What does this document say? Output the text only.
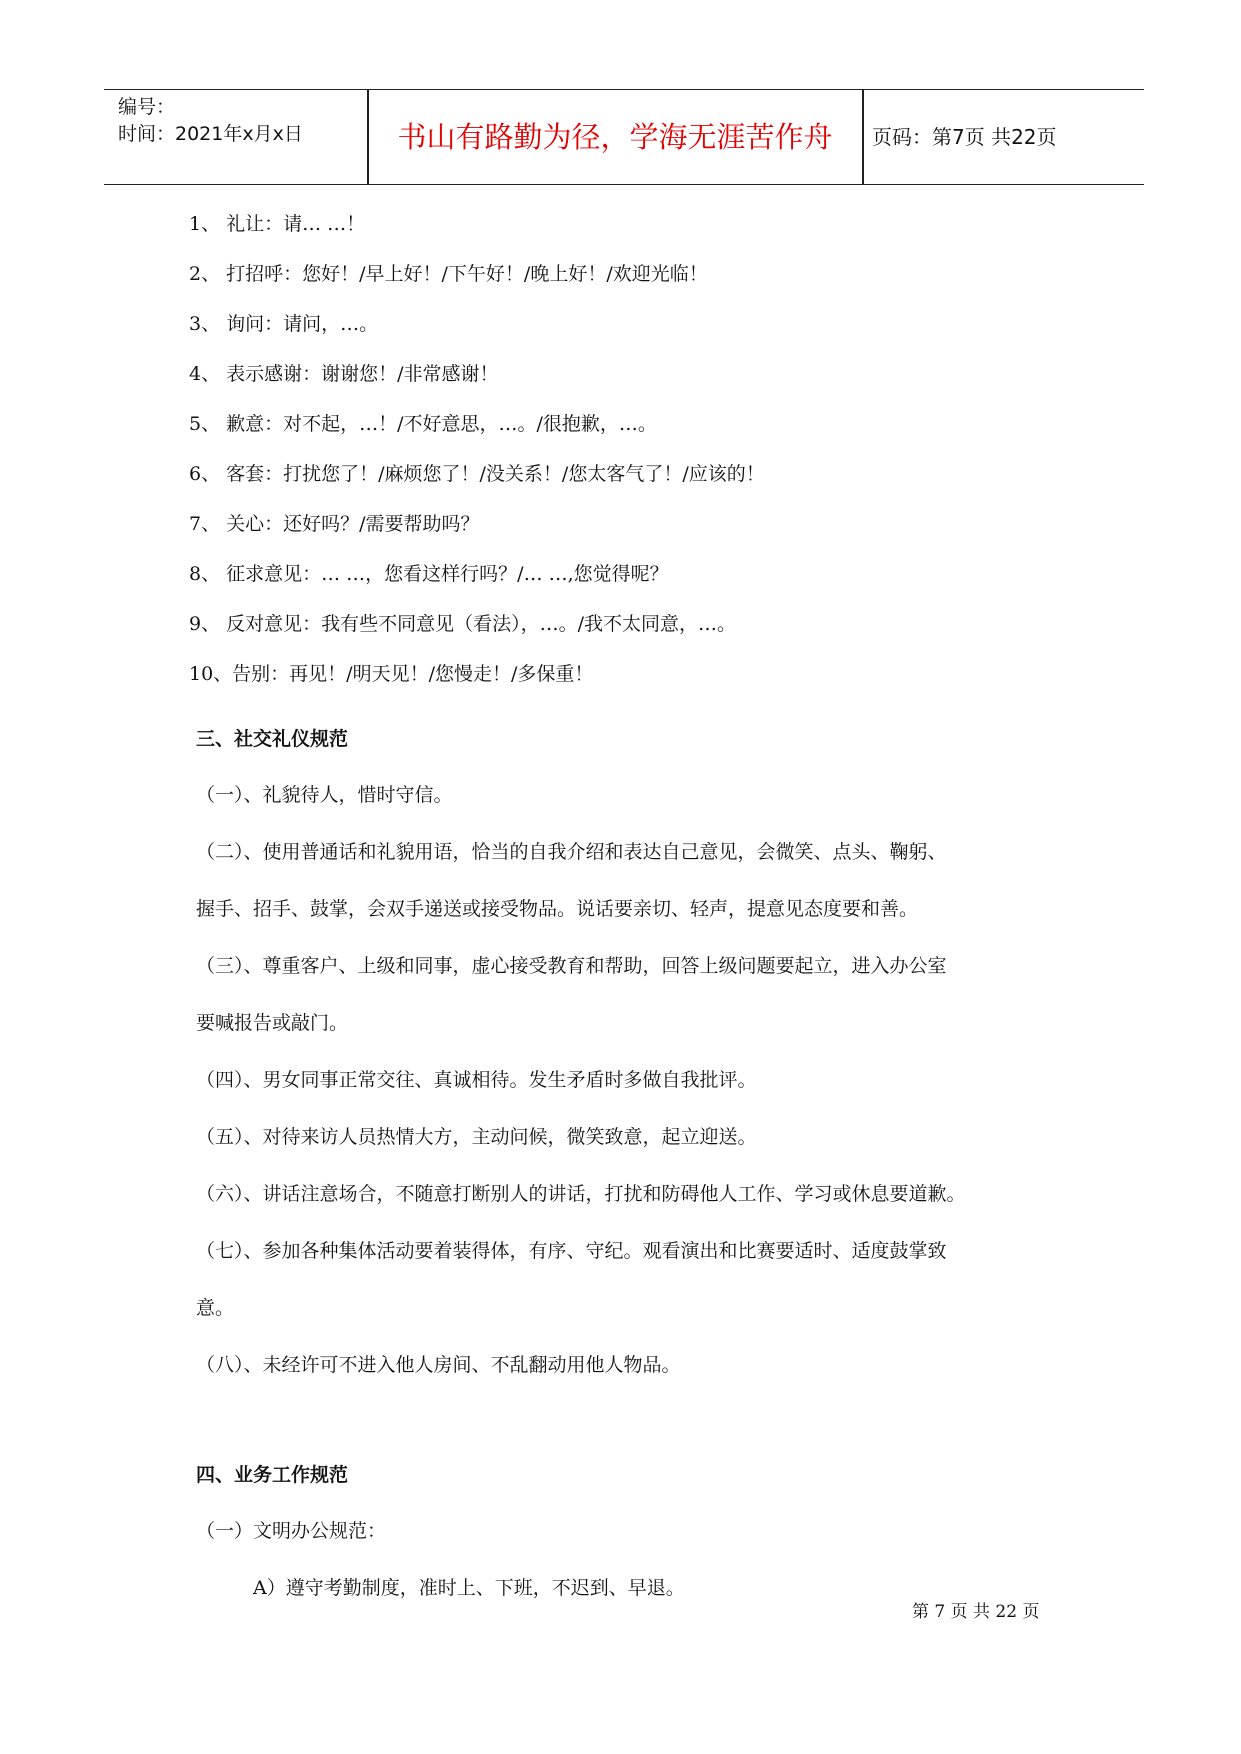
编号：
时间：2021年x月x日	书山有路勤为径，学海无涯苦作舟	页码：第7页 共22页
1、 礼让：请… …！
2、 打招呼：您好！/早上好！/下午好！/晚上好！/欢迎光临！
3、 询问：请问，…。
4、 表示感谢：谢谢您！/非常感谢！
5、 歉意：对不起，…！/不好意思，…。/很抱歉，…。
6、 客套：打扰您了！/麻烦您了！/没关系！/您太客气了！/应该的！
7、 关心：还好吗？/需要帮助吗？
8、 征求意见：… …，您看这样行吗？/… …,您觉得呢？
9、 反对意见：我有些不同意见（看法），…。/我不太同意，…。
10、告别：再见！/明天见！/您慢走！/多保重！
三、社交礼仪规范
（一）、礼貌待人，惜时守信。
（二）、使用普通话和礼貌用语，恰当的自我介绍和表达自己意见，会微笑、点头、鞠躬、
握手、招手、鼓掌，会双手递送或接受物品。说话要亲切、轻声，提意见态度要和善。
（三）、尊重客户、上级和同事，虚心接受教育和帮助，回答上级问题要起立，进入办公室
要喊报告或敲门。
（四）、男女同事正常交往、真诚相待。发生矛盾时多做自我批评。
（五）、对待来访人员热情大方，主动问候，微笑致意，起立迎送。
（六）、讲话注意场合，不随意打断别人的讲话，打扰和防碍他人工作、学习或休息要道歉。
（七）、参加各种集体活动要着装得体，有序、守纪。观看演出和比赛要适时、适度鼓掌致
意。
（八）、未经许可不进入他人房间、不乱翻动用他人物品。
四、业务工作规范
（一）文明办公规范：
A）遵守考勤制度，准时上、下班，不迟到、早退。
第 7 页 共 22 页
